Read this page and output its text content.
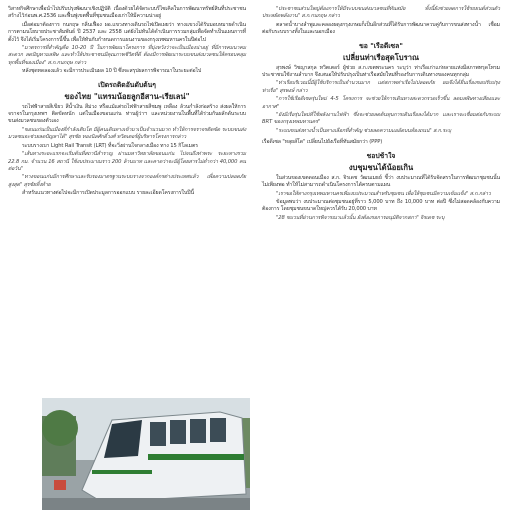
วิสาหกิจศึกษาเพื่อนำไปปรับปรุงพัฒนาเชิงปฏิบัติ เนื่องด้วยได้จัดระบบรีไซเคิลในการพัฒนาทรัพย์สินที่ประชาชนสร้างไว้ก่อนพ.ศ.2536 และฟื้นฟูเขตพื้นที่ชุมชนเมืองเก่าให้มีความน่าอยู่

เมื่อต่อมาต้องการ กนกฤษ กลิ่นเฟื่อง ผอ.แขวงทางเดินรถไฟเปิดเผยว่า ทางแขวงได้รับมอบหมายดำเนินการตามนโยบายประชาสัมพันธ์ ปี 2537 และ 2558 แต่ยังไม่ทันได้ดำเนินการรวมกลุ่มเพื่อจัดทำเป็นแผนการที่ตั้งไว้ จึงได้เริ่มโครงการนี้ขึ้น เพื่อให้ทันกับกำหนดการแผนงานของกรุงเทพมหานครในปีต่อไป

"มาตรการที่สำคัญคือ 10-20 ปี ในการพัฒนาโครงการ ที่มุ่งหวังว่าจะเป็นเมืองน่าอยู่ ที่มีการคมนาคมสะดวก ลดปัญหามลพิษ และทำให้ประชาชนมีคุณภาพชีวิตที่ดี ต้องมีการพัฒนาระบบขนส่งมวลชนให้ครอบคลุมทุกพื้นที่ของเมือง" ส.ก.กนกฤษ กล่าว

หลังชุดทดลองแล้ว จะมีการประเมินผล 10 ปี ซึ่งจะสรุปผลการพิจารณาในระยะต่อไป

เปิดรถติดอันดับต้นๆ
ของไทย "แทรมน้อยลูกอีสาน-เรียเลน่"

รถไฟฟ้าสายสีเขียว สีน้ำเงิน สีม่วง หรือแม้แต่รถไฟฟ้าสายสีชมพู เหลือง ล้วนกำลังก่อสร้าง ส่งผลให้การจราจรในกรุงเทพฯ ติดขัดหนัก แต่ในเมืองขอนแก่น ท่านผู้ว่าฯ และหน่วยงานในพื้นที่ได้ร่วมกันผลักดันระบบขนส่งมวลชนของตัวเอง

"ขอนแก่นเป็นเมืองที่กำลังเติบโต มีผู้คนเดินทางเข้ามาเป็นจำนวนมาก ทำให้การจราจรติดขัด ระบบขนส่งมวลชนจะช่วยลดปัญหาได้" สุรชัย ทองนิลศักดิ์วงศ์ ทวิตเตอร์ผู้บริหารโครงการกล่าว

ระบบรางเบา Light Rail Transit (LRT) ที่จะวิ่งผ่านใจกลางเมือง ทาง 15 กิโลเมตร

"เส้นทางระยะแรกจะเริ่มต้นที่สถานีสำราญ ผ่านมหาวิทยาลัยขอนแก่น ไปจนถึงท่าพระ ระยะทางรวม 22.8 กม. จำนวน 16 สถานี ใช้งบประมาณราว 200 ล้านบาท และคาดว่าจะมีผู้โดยสารไม่ต่ำกว่า 40,000 คนต่อวัน"

"ทางขอนแก่นมีการศึกษาและรับรองมาตรฐานระบบรางจากองค์กรต่างประเทศแล้ว เพื่อความปลอดภัยสูงสุด" สุรชัยทิ้งท้าย

สำหรับแนวทางต่อไปจะมีการเปิดประมูลการออกแบบ รายละเอียดโครงการในปีนี้

"ประชาชนส่วนใหญ่ต้องการให้มีระบบขนส่งมวลชนที่ทันสมัย ทั้งนี้ยังช่วยลดการใช้รถยนต์ส่วนตัว ประหยัดพลังงาน" ส.ก.กนกฤษ กล่าว

ตลาดน้ำบางลำพูและคลองผดุงกรุงเกษมก็เป็นอีกส่วนที่ได้รับการพัฒนาควบคู่กับการขนส่งทางน้ำ เชื่อมต่อกับระบบรางทั้งในและนอกเมือง

ขอ "เรือดีเซล"
เปลี่ยนท่าเรือสุดโบราณ

สุรพงษ์ วิชญาสกุล ทวิตเตอร์ ผู้ช่วย ส.ก.เขตพระนคร ระบุว่า ท่าเรือเก่าแก่หลายแห่งมีสภาพทรุดโทรม ประชาชนใช้งานลำบาก จึงเสนอให้ปรับปรุงเป็นท่าเรือสมัยใหม่ที่รองรับการเดินทางของคนทุกกลุ่ม

"ท่าเรือบริเวณนี้มีผู้ใช้บริการเป็นจำนวนมาก แต่สภาพท่าเรือไม่ปลอดภัย ผมจึงได้ยื่นเรื่องขอปรับปรุงท่าเรือ" สุรพงษ์ กล่าว

"การใช้เรือดีเซลรุ่นใหม่ 4-5 โครงการ จะช่วยให้การเดินทางสะดวกรวดเร็วขึ้น ลดมลพิษทางเสียงและอากาศ"

"ยังมีเรือรุ่นใหม่ที่ใช้พลังงานไฟฟ้า ซึ่งจะช่วยลดต้นทุนการเดินเรือลงได้มาก และเราจะเชื่อมต่อกับระบบ BRT ของกรุงเทพมหานคร"

"ระบบขนส่งทางน้ำเป็นทางเลือกที่สำคัญ ช่วยลดความแออัดบนท้องถนน" ส.ก.ระบุ

เรือดีเซล "หลุยส์โด" เปลี่ยนไปยังเรือที่ทันสมัยกว่า (PPP)

ชอปช้าใจ
งบชุมชนได้น้อยเกิน

ในส่วนของเขตดอนเมือง ส.ก. จิรเดช วัฒนเมธย์ ชี้ว่า งบประมาณที่ได้รับจัดสรรในการพัฒนาชุมชนนั้นไม่เพียงพอ ทำให้ไม่สามารถดำเนินโครงการได้ครบตามแผน

"เราขอให้ทางกรุงเทพมหานครเพิ่มงบประมาณสำหรับชุมชน เพื่อให้ชุมชนมีความเข้มแข็ง" ส.ก.กล่าว

ข้อมูลพบว่า งบประมาณต่อชุมชนอยู่ที่ราว 5,000 บาท ถึง 10,000 บาท ต่อปี ซึ่งไม่สอดคล้องกับความต้องการ โดยชุมชนขนาดใหญ่ควรได้รับ 20,000 บาท

"28 ขบวนที่ผ่านการพิจารณาแล้วนั้น ยังต้องรอการอนุมัติจากสภา" จิรเดช ระบุ
